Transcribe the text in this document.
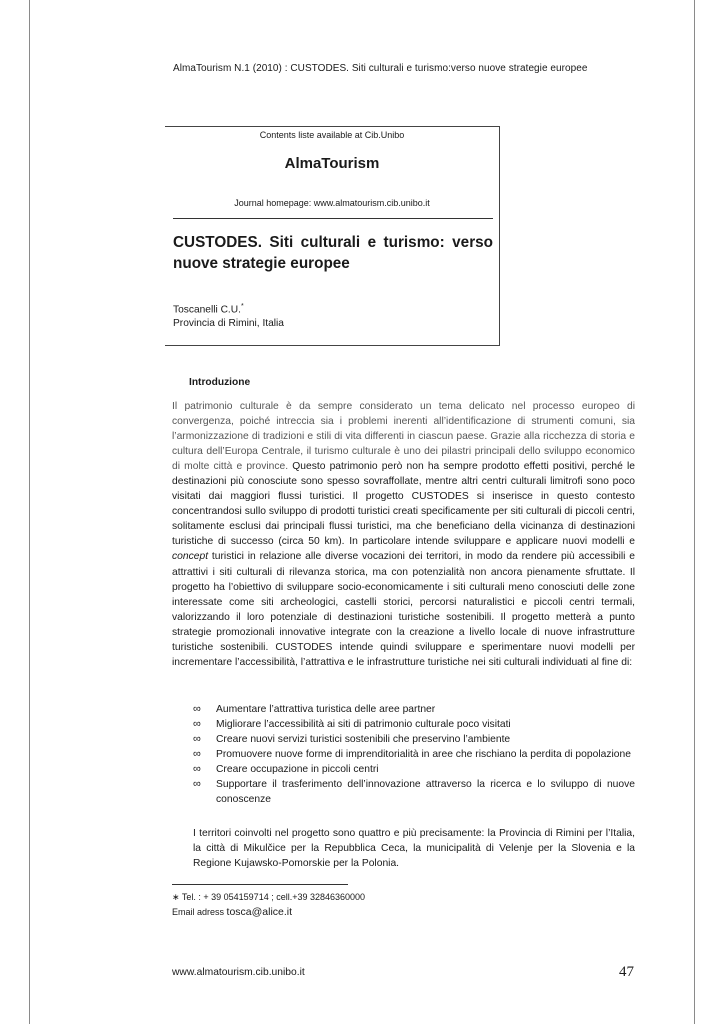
AlmaTourism N.1 (2010) : CUSTODES. Siti culturali e turismo:verso nuove strategie europee
Contents liste available at Cib.Unibo
AlmaTourism
Journal homepage: www.almatourism.cib.unibo.it
CUSTODES. Siti culturali e turismo: verso nuove strategie europee
Toscanelli C.U.*
Provincia di Rimini, Italia
Introduzione
Il patrimonio culturale è da sempre considerato un tema delicato nel processo europeo di convergenza, poiché intreccia sia i problemi inerenti all’identificazione di strumenti comuni, sia l’armonizzazione di tradizioni e stili di vita differenti in ciascun paese. Grazie alla ricchezza di storia e cultura dell’Europa Centrale, il turismo culturale è uno dei pilastri principali dello sviluppo economico di molte città e province. Questo patrimonio però non ha sempre prodotto effetti positivi, perché le destinazioni più conosciute sono spesso sovraffollate, mentre altri centri culturali limitrofi sono poco visitati dai maggiori flussi turistici. Il progetto CUSTODES si inserisce in questo contesto concentrandosi sullo sviluppo di prodotti turistici creati specificamente per siti culturali di piccoli centri, solitamente esclusi dai principali flussi turistici, ma che beneficiano della vicinanza di destinazioni turistiche di successo (circa 50 km). In particolare intende sviluppare e applicare nuovi modelli e concept turistici in relazione alle diverse vocazioni dei territori, in modo da rendere più accessibili e attrattivi i siti culturali di rilevanza storica, ma con potenzialità non ancora pienamente sfruttate. Il progetto ha l’obiettivo di sviluppare socio-economicamente i siti culturali meno conosciuti delle zone interessate come siti archeologici, castelli storici, percorsi naturalistici e piccoli centri termali, valorizzando il loro potenziale di destinazioni turistiche sostenibili. Il progetto metterà a punto strategie promozionali innovative integrate con la creazione a livello locale di nuove infrastrutture turistiche sostenibili. CUSTODES intende quindi sviluppare e sperimentare nuovi modelli per incrementare l’accessibilità, l’attrattiva e le infrastrutture turistiche nei siti culturali individuati al fine di:
∞ Aumentare l’attrattiva turistica delle aree partner
∞ Migliorare l’accessibilità ai siti di patrimonio culturale poco visitati
∞ Creare nuovi servizi turistici sostenibili che preservino l’ambiente
∞ Promuovere nuove forme di imprenditorialità in aree che rischiano la perdita di popolazione
∞ Creare occupazione in piccoli centri
∞ Supportare il trasferimento dell’innovazione attraverso la ricerca e lo sviluppo di nuove conoscenze
I territori coinvolti nel progetto sono quattro e più precisamente: la Provincia di Rimini per l’Italia, la città di Mikulčice per la Repubblica Ceca, la municipalità di Velenje per la Slovenia e la Regione Kujawsko-Pomorskie per la Polonia.
∗ Tel. : + 39 054159714 ; cell.+39 32846360000
Email adress tosca@alice.it
www.almatourism.cib.unibo.it	47
